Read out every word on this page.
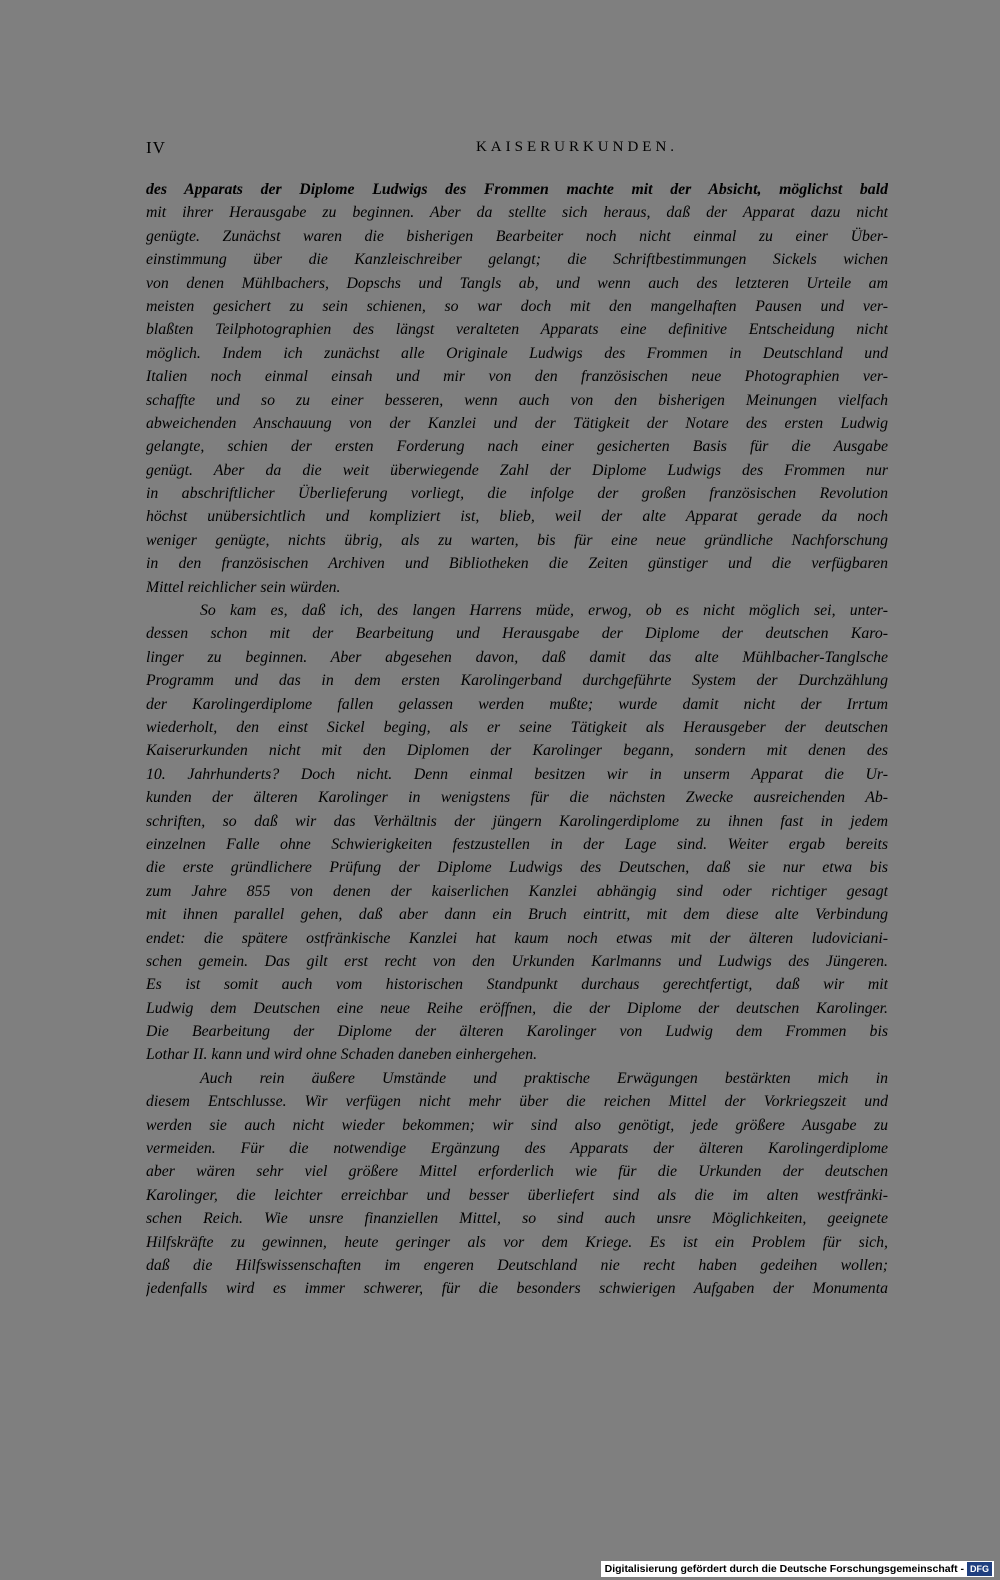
IV	KAISERURKUNDEN.
des Apparats der Diplome Ludwigs des Frommen machte mit der Absicht, möglichst bald
mit ihrer Herausgabe zu beginnen. Aber da stellte sich heraus, daß der Apparat dazu nicht
genügte. Zunächst waren die bisherigen Bearbeiter noch nicht einmal zu einer Über-
einstimmung über die Kanzleischreiber gelangt; die Schriftbestimmungen Sickels wichen
von denen Mühlbachers, Dopschs und Tangls ab, und wenn auch des letzteren Urteile am
meisten gesichert zu sein schienen, so war doch mit den mangelhaften Pausen und ver-
blaßten Teilphotographien des längst veralteten Apparats eine definitive Entscheidung nicht
möglich. Indem ich zunächst alle Originale Ludwigs des Frommen in Deutschland und
Italien noch einmal einsah und mir von den französischen neue Photographien ver-
schaffte und so zu einer besseren, wenn auch von den bisherigen Meinungen vielfach
abweichenden Anschauung von der Kanzlei und der Tätigkeit der Notare des ersten Ludwig
gelangte, schien der ersten Forderung nach einer gesicherten Basis für die Ausgabe
genügt. Aber da die weit überwiegende Zahl der Diplome Ludwigs des Frommen nur
in abschriftlicher Überlieferung vorliegt, die infolge der großen französischen Revolution
höchst unübersichtlich und kompliziert ist, blieb, weil der alte Apparat gerade da noch
weniger genügte, nichts übrig, als zu warten, bis für eine neue gründliche Nachforschung
in den französischen Archiven und Bibliotheken die Zeiten günstiger und die verfügbaren
Mittel reichlicher sein würden.
So kam es, daß ich, des langen Harrens müde, erwog, ob es nicht möglich sei, unter-
dessen schon mit der Bearbeitung und Herausgabe der Diplome der deutschen Karo-
linger zu beginnen. Aber abgesehen davon, daß damit das alte Mühlbacher-Tanglsche
Programm und das in dem ersten Karolingerband durchgeführte System der Durchzählung
der Karolingerdiplome fallen gelassen werden mußte; wurde damit nicht der Irrtum
wiederholt, den einst Sickel beging, als er seine Tätigkeit als Herausgeber der deutschen
Kaiserurkunden nicht mit den Diplomen der Karolinger begann, sondern mit denen des
10. Jahrhunderts? Doch nicht. Denn einmal besitzen wir in unserm Apparat die Ur-
kunden der älteren Karolinger in wenigstens für die nächsten Zwecke ausreichenden Ab-
schriften, so daß wir das Verhältnis der jüngern Karolingerdiplome zu ihnen fast in jedem
einzelnen Falle ohne Schwierigkeiten festzustellen in der Lage sind. Weiter ergab bereits
die erste gründlichere Prüfung der Diplome Ludwigs des Deutschen, daß sie nur etwa bis
zum Jahre 855 von denen der kaiserlichen Kanzlei abhängig sind oder richtiger gesagt
mit ihnen parallel gehen, daß aber dann ein Bruch eintritt, mit dem diese alte Verbindung
endet: die spätere ostfränkische Kanzlei hat kaum noch etwas mit der älteren ludoviciani-
schen gemein. Das gilt erst recht von den Urkunden Karlmanns und Ludwigs des Jüngeren.
Es ist somit auch vom historischen Standpunkt durchaus gerechtfertigt, daß wir mit
Ludwig dem Deutschen eine neue Reihe eröffnen, die der Diplome der deutschen Karolinger.
Die Bearbeitung der Diplome der älteren Karolinger von Ludwig dem Frommen bis
Lothar II. kann und wird ohne Schaden daneben einhergehen.
Auch rein äußere Umstände und praktische Erwägungen bestärkten mich in
diesem Entschlusse. Wir verfügen nicht mehr über die reichen Mittel der Vorkriegszeit und
werden sie auch nicht wieder bekommen; wir sind also genötigt, jede größere Ausgabe zu
vermeiden. Für die notwendige Ergänzung des Apparats der älteren Karolingerdiplome
aber wären sehr viel größere Mittel erforderlich wie für die Urkunden der deutschen
Karolinger, die leichter erreichbar und besser überliefert sind als die im alten westfränki-
schen Reich. Wie unsre finanziellen Mittel, so sind auch unsre Möglichkeiten, geeignete
Hilfskräfte zu gewinnen, heute geringer als vor dem Kriege. Es ist ein Problem für sich,
daß die Hilfswissenschaften im engeren Deutschland nie recht haben gedeihen wollen;
jedenfalls wird es immer schwerer, für die besonders schwierigen Aufgaben der Monumenta
Digitalisierung gefördert durch die Deutsche Forschungsgemeinschaft - DFG
